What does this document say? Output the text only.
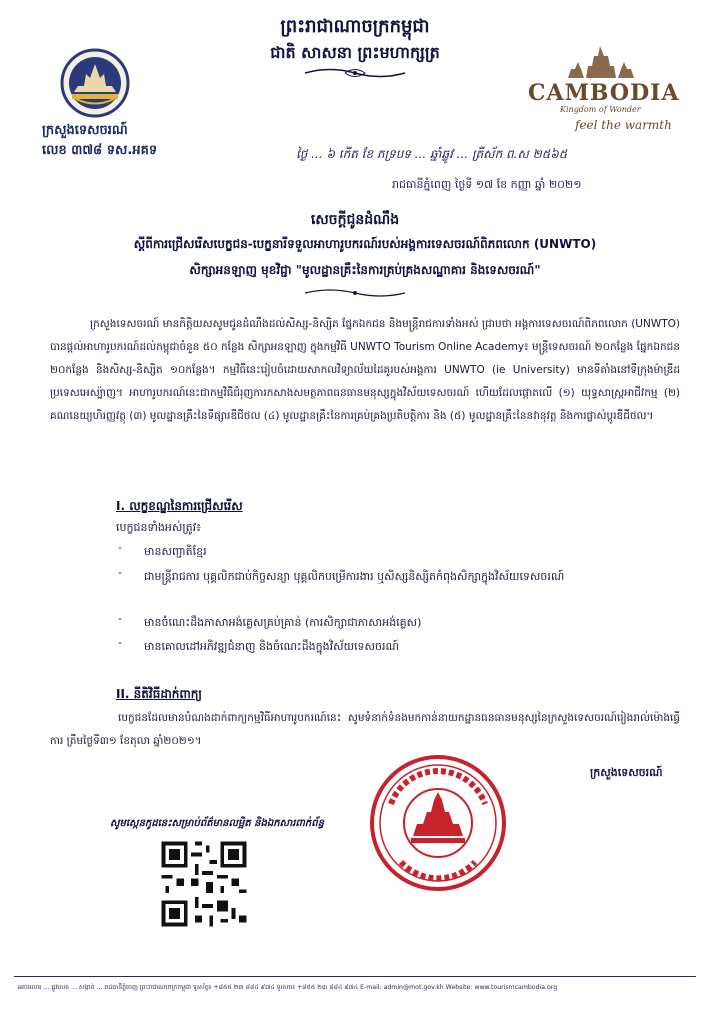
ព្រះរាជាណាចក្រកម្ពុជា
ជាតិ សាសនា ព្រះមហាក្សត្រ
ក្រសួងទេសចរណ៍
លេខ ៣៧៨ ទស.អគទ
CAMBODIA
Kingdom of Wonder
feel the warmth
ថ្ងៃ ... ៦ កើត ខែ ភទ្របទ ... ឆ្នាំឆ្លូវ ... ត្រីស័ក ព.ស ២៥៦៥
រាជធានីភ្នំពេញ ថ្ងៃទី ១៧ ខែ កញ្ញា ឆ្នាំ ២០២១
សេចក្តីជូនដំណឹង
ស្តីពីការជ្រើសរើសបេក្ខជន-បេក្ខនារីទទួលអាហារូបករណ៍របស់អង្គការទេសចរណ៍ពិភពលោក (UNWTO)
សិក្សាអនឡាញ មុខវិជ្ជា "មូលដ្ឋានគ្រឹះនៃការគ្រប់គ្រងសណ្ឋាគារ និងទេសចរណ៍"
ក្រសួងទេសចរណ៍ មានកិត្តិយសសូមជូនដំណឹងដល់សិស្ស-និស្សិត ផ្នែកឯកជន និងមន្ត្រីរាជការទាំងអស់ ជ្រាបថា អង្គការទេសចរណ៍ពិភពលោក (UNWTO) បានផ្តល់អាហារូបករណ៍ដល់កម្ពុជាចំនួន ៥០ កន្លែង សិក្សាអនឡាញ ក្នុងកម្មវិធី UNWTO Tourism Online Academy៖ មន្ត្រីទេសចរណ៍ ២០កន្លែង ផ្នែកឯកជន ២០កន្លែង និងសិស្ស-និស្សិត ១០កន្លែង។ កម្មវិធីនេះរៀបចំដោយសាកលវិទ្យាល័យដៃគូរបស់អង្គការ UNWTO (ie University) មានទីតាំងនៅទីក្រុងម៉ាឌ្រីដ ប្រទេសអេស្ប៉ាញ។ អាហារូបករណ៍នេះជាកម្មវិធីជំរុញការកសាងសមត្ថភាពធនធានមនុស្សក្នុងវិស័យទេសចរណ៍ ហើយដែលផ្តោតលើ (១) យុទ្ធសាស្ត្រអាជីវកម្ម (២) គណនេយ្យហិរញ្ញវត្ថុ (៣) មូលដ្ឋានគ្រឹះនៃទីផ្សារឌីជីថល (៤) មូលដ្ឋានគ្រឹះនៃការគ្រប់គ្រងប្រតិបត្តិការ និង (៥) មូលដ្ឋានគ្រឹះនៃនវានុវត្ត និងការផ្លាស់ប្តូរឌីជីថល។
I. លក្ខខណ្ឌនៃការជ្រើសរើស
បេក្ខជនទាំងអស់ត្រូវ៖
- មានសញ្ជាតិខ្មែរ
- ជាមន្ត្រីរាជការ បុគ្គលិកជាប់កិច្ចសន្យា បុគ្គលិកបម្រើការងារ ឬសិស្សនិស្សិតកំពុងសិក្សាក្នុងវិស័យទេសចរណ៍
- មានចំណេះដឹងភាសាអង់គ្លេសគ្រប់គ្រាន់ (ការសិក្សាជាភាសាអង់គ្លេស)
- មានគោលដៅអភិវឌ្ឍជំនាញ និងចំណេះដឹងក្នុងវិស័យទេសចរណ៍
II. នីតិវិធីដាក់ពាក្យ
បេក្ខជនដែលមានបំណងដាក់ពាក្យកម្មវិធីអាហារូបករណ៍នេះ សូមទំនាក់ទំនងមកកាន់នាយកដ្ឋានធនធានមនុស្សនៃក្រសួងទេសចរណ៍រៀងរាល់ម៉ោងធ្វើការ ត្រឹមថ្ងៃទី៣១ ខែតុលា ឆ្នាំ២០២១។
ក្រសួងទេសចរណ៍
សូមស្កេនកូដនេះសម្រាប់ព័ត៌មានលម្អិត និងឯកសារពាក់ព័ន្ធ
អគារលេខ ... ផ្លូវលេខ ... សង្កាត់ ... រាជធានីភ្នំពេញ ព្រះរាជាណាចក្រកម្ពុជា ទូរស័ព្ទ៖ +៨៥៥ ២៣ ៨៨៤ ៩៧៤ ទូរសារ៖ +៨៥៥ ២៣ ៨៨៤ ៩៧៤ E-mail: admin@mot.gov.kh Website: www.tourismcambodia.org
